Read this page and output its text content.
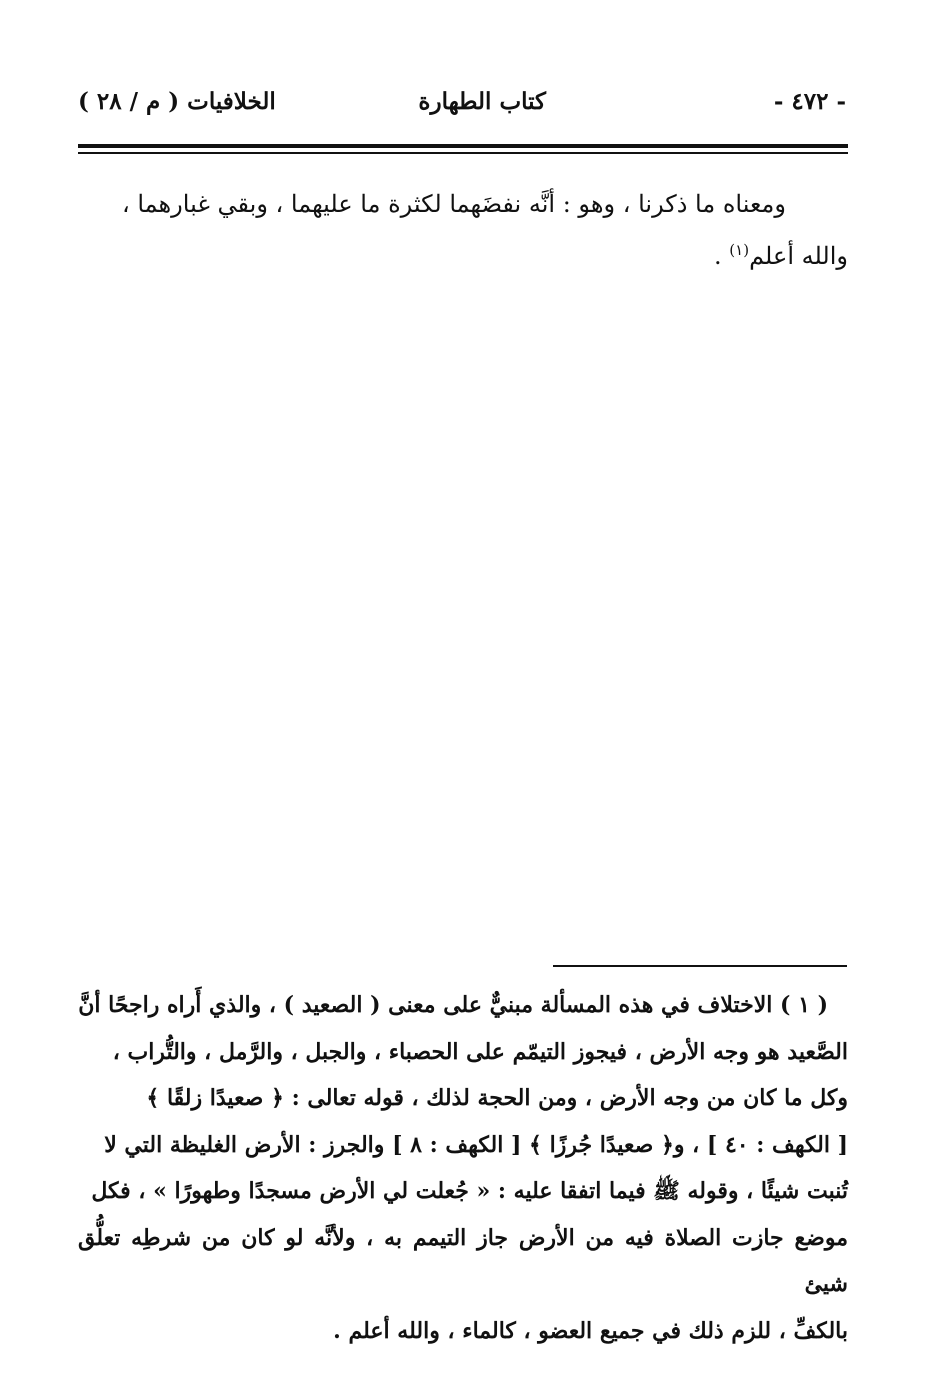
- ٤٧٢ -
كتاب الطهارة
الخلافيات ( م / ٢٨ )

ومعناه ما ذكرنا ، وهو : أنَّه نفضَهما لكثرة ما عليهما ، وبقي غبارهما ،

والله أعلم$^{(١)}$ .

( ١ ) الاختلاف في هذه المسألة مبنيٌّ على معنى ( الصعيد ) ، والذي أَراه راجحًا أنَّ

الصَّعيد هو وجه الأرض ، فيجوز التيمّم على الحصباء ، والجبل ، والرَّمل ، والتُّراب ،

وكل ما كان من وجه الأرض ، ومن الحجة لذلك ، قوله تعالى : ﴿ صعيدًا زلقًا ﴾

[ الكهف : ٤٠ ] ، و﴿ صعيدًا جُرزًا ﴾ [ الكهف : ٨ ] والجرز : الأرض الغليظة التي لا

تُنبت شيئًا ، وقوله ﷺ فيما اتفقا عليه : « جُعلت لي الأرض مسجدًا وطهورًا » ، فكل

موضع جازت الصلاة فيه من الأرض جاز التيمم به ، ولأنَّه لو كان من شرطِه تعلُّق شيئ

بالكفِّ ، للزم ذلك في جميع العضو ، كالماء ، والله أعلم .
